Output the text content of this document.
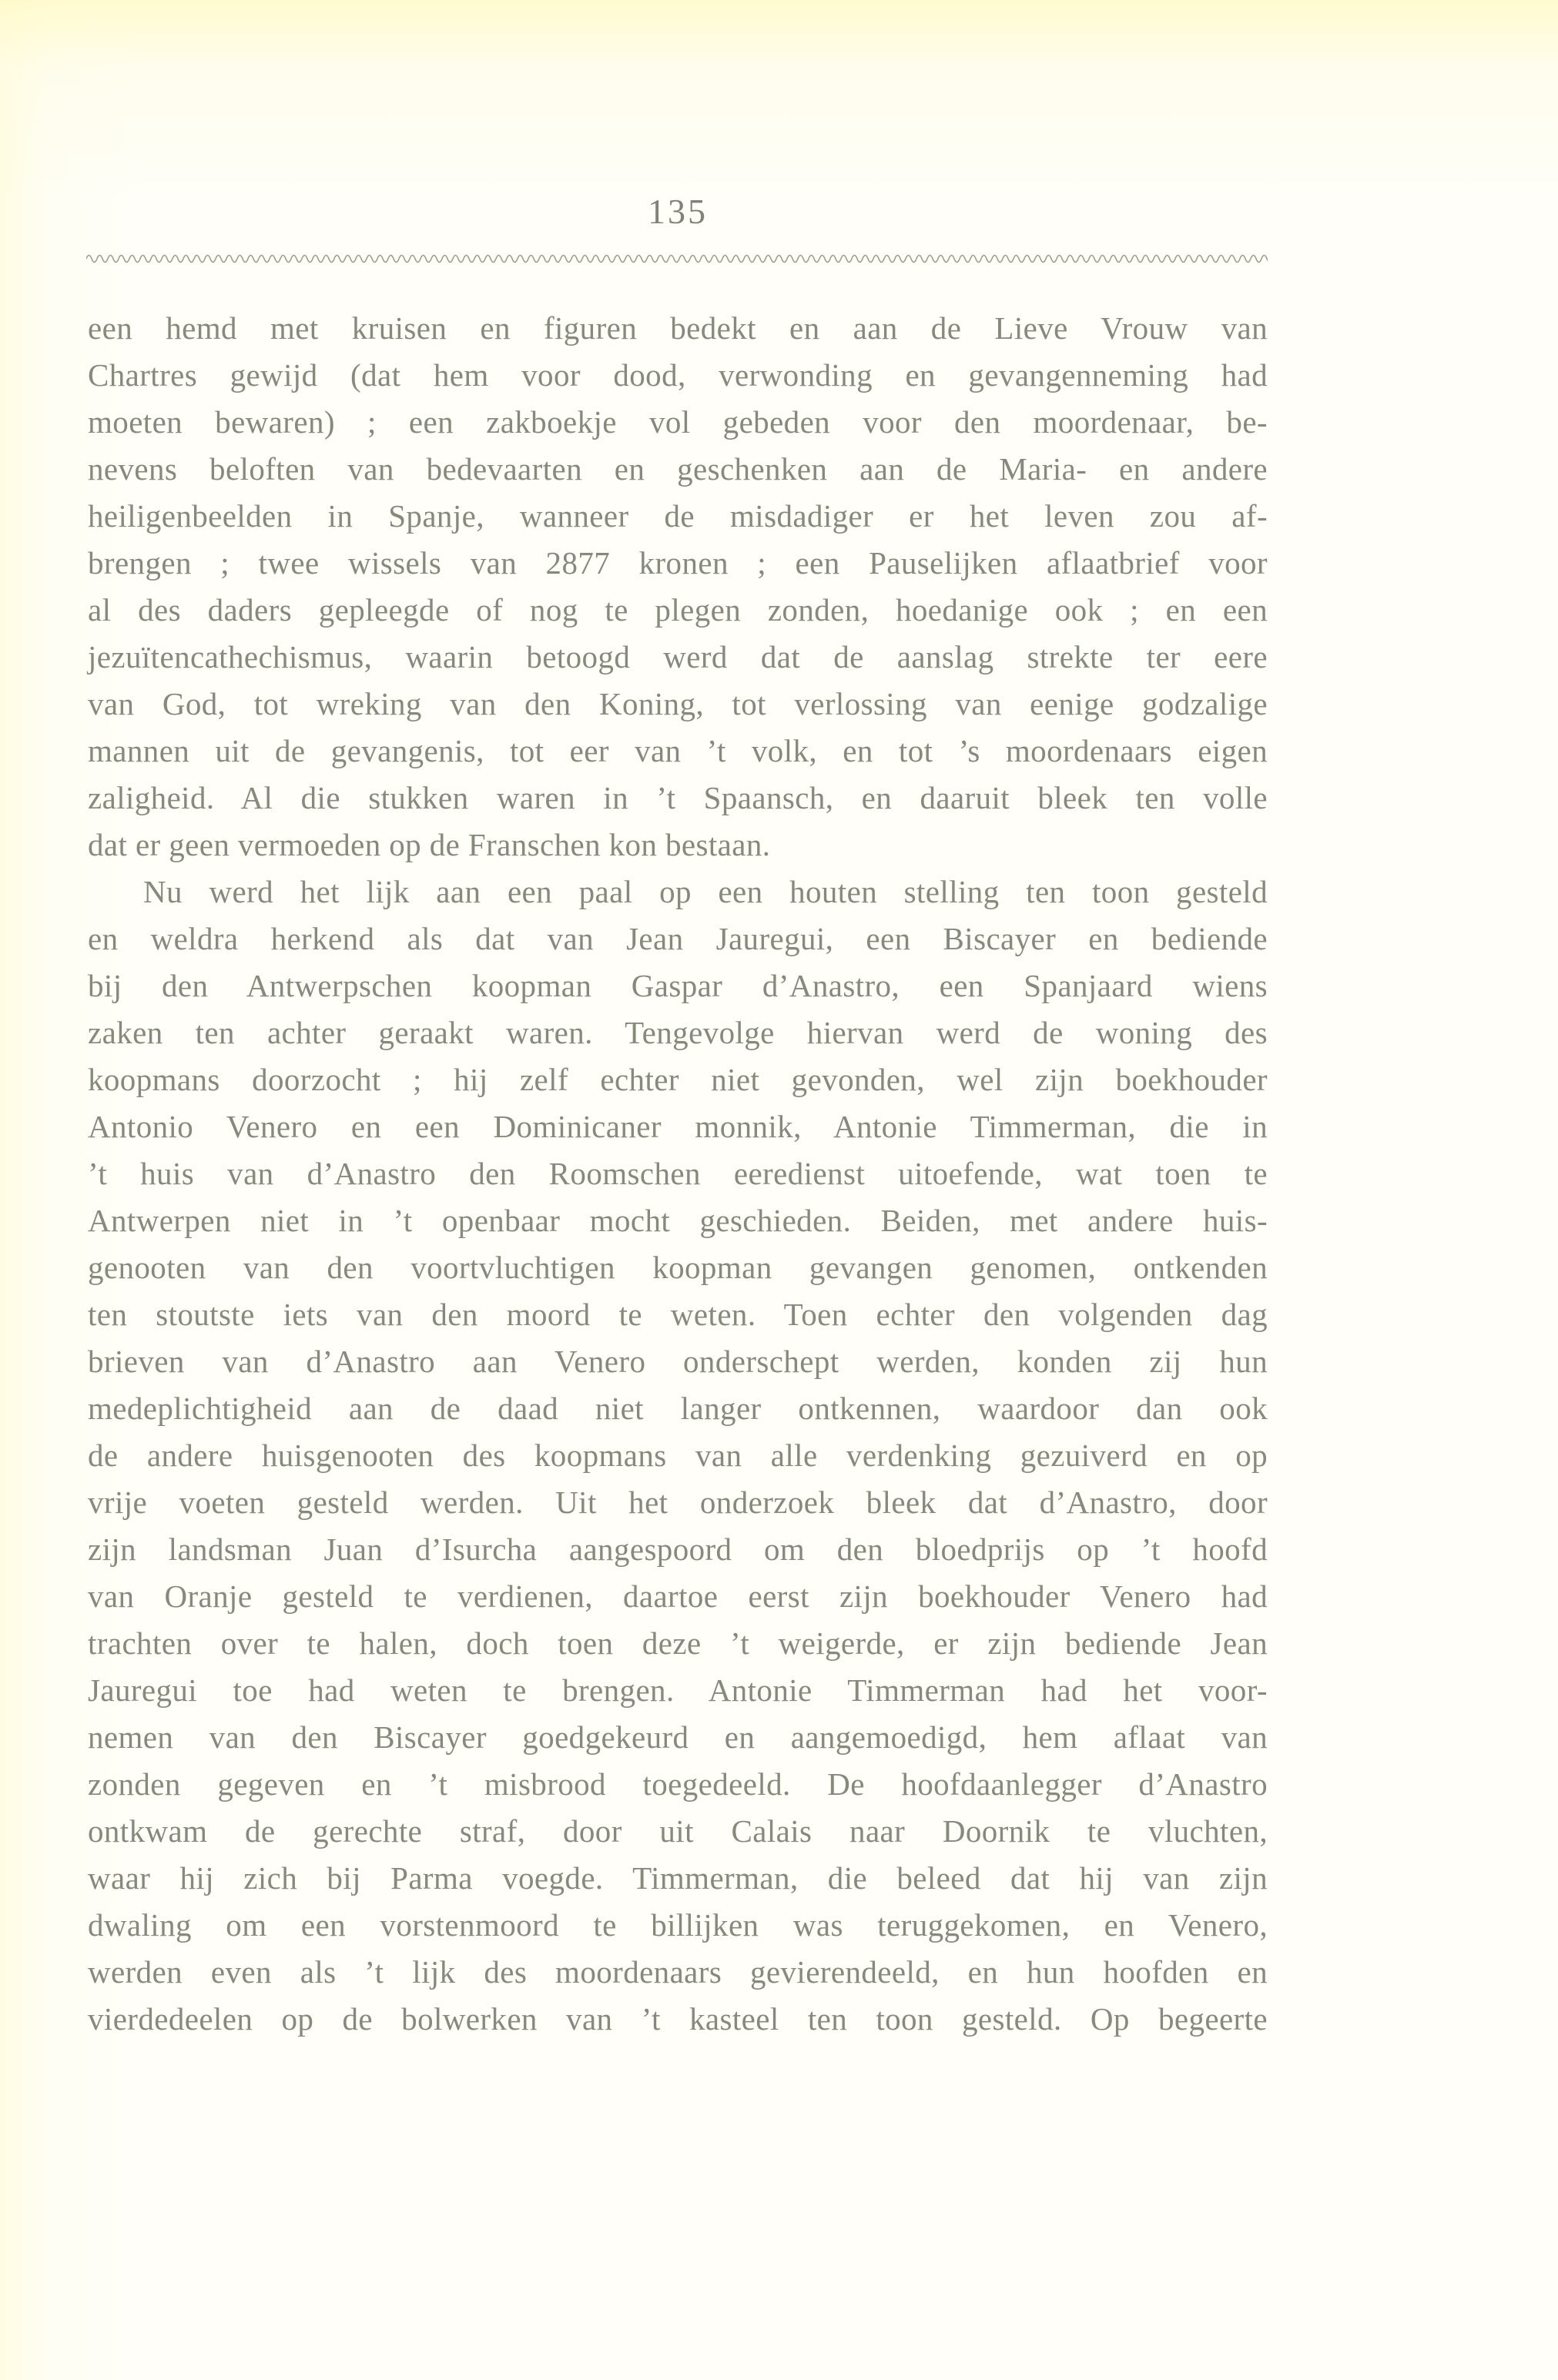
135
een hemd met kruisen en figuren bedekt en aan de Lieve Vrouw van
Chartres gewijd (dat hem voor dood, verwonding en gevangenneming had
moeten bewaren) ; een zakboekje vol gebeden voor den moordenaar, be-
nevens beloften van bedevaarten en geschenken aan de Maria- en andere
heiligenbeelden in Spanje, wanneer de misdadiger er het leven zou af-
brengen ; twee wissels van 2877 kronen ; een Pauselijken aflaatbrief voor
al des daders gepleegde of nog te plegen zonden, hoedanige ook ; en een
jezuïtencathechismus, waarin betoogd werd dat de aanslag strekte ter eere
van God, tot wreking van den Koning, tot verlossing van eenige godzalige
mannen uit de gevangenis, tot eer van ’t volk, en tot ’s moordenaars eigen
zaligheid. Al die stukken waren in ’t Spaansch, en daaruit bleek ten volle
dat er geen vermoeden op de Franschen kon bestaan.
Nu werd het lijk aan een paal op een houten stelling ten toon gesteld
en weldra herkend als dat van Jean Jauregui, een Biscayer en bediende
bij den Antwerpschen koopman Gaspar d’Anastro, een Spanjaard wiens
zaken ten achter geraakt waren. Tengevolge hiervan werd de woning des
koopmans doorzocht ; hij zelf echter niet gevonden, wel zijn boekhouder
Antonio Venero en een Dominicaner monnik, Antonie Timmerman, die in
’t huis van d’Anastro den Roomschen eeredienst uitoefende, wat toen te
Antwerpen niet in ’t openbaar mocht geschieden. Beiden, met andere huis-
genooten van den voortvluchtigen koopman gevangen genomen, ontkenden
ten stoutste iets van den moord te weten. Toen echter den volgenden dag
brieven van d’Anastro aan Venero onderschept werden, konden zij hun
medeplichtigheid aan de daad niet langer ontkennen, waardoor dan ook
de andere huisgenooten des koopmans van alle verdenking gezuiverd en op
vrije voeten gesteld werden. Uit het onderzoek bleek dat d’Anastro, door
zijn landsman Juan d’Isurcha aangespoord om den bloedprijs op ’t hoofd
van Oranje gesteld te verdienen, daartoe eerst zijn boekhouder Venero had
trachten over te halen, doch toen deze ’t weigerde, er zijn bediende Jean
Jauregui toe had weten te brengen. Antonie Timmerman had het voor-
nemen van den Biscayer goedgekeurd en aangemoedigd, hem aflaat van
zonden gegeven en ’t misbrood toegedeeld. De hoofdaanlegger d’Anastro
ontkwam de gerechte straf, door uit Calais naar Doornik te vluchten,
waar hij zich bij Parma voegde. Timmerman, die beleed dat hij van zijn
dwaling om een vorstenmoord te billijken was teruggekomen, en Venero,
werden even als ’t lijk des moordenaars gevierendeeld, en hun hoofden en
vierdedeelen op de bolwerken van ’t kasteel ten toon gesteld. Op begeerte
